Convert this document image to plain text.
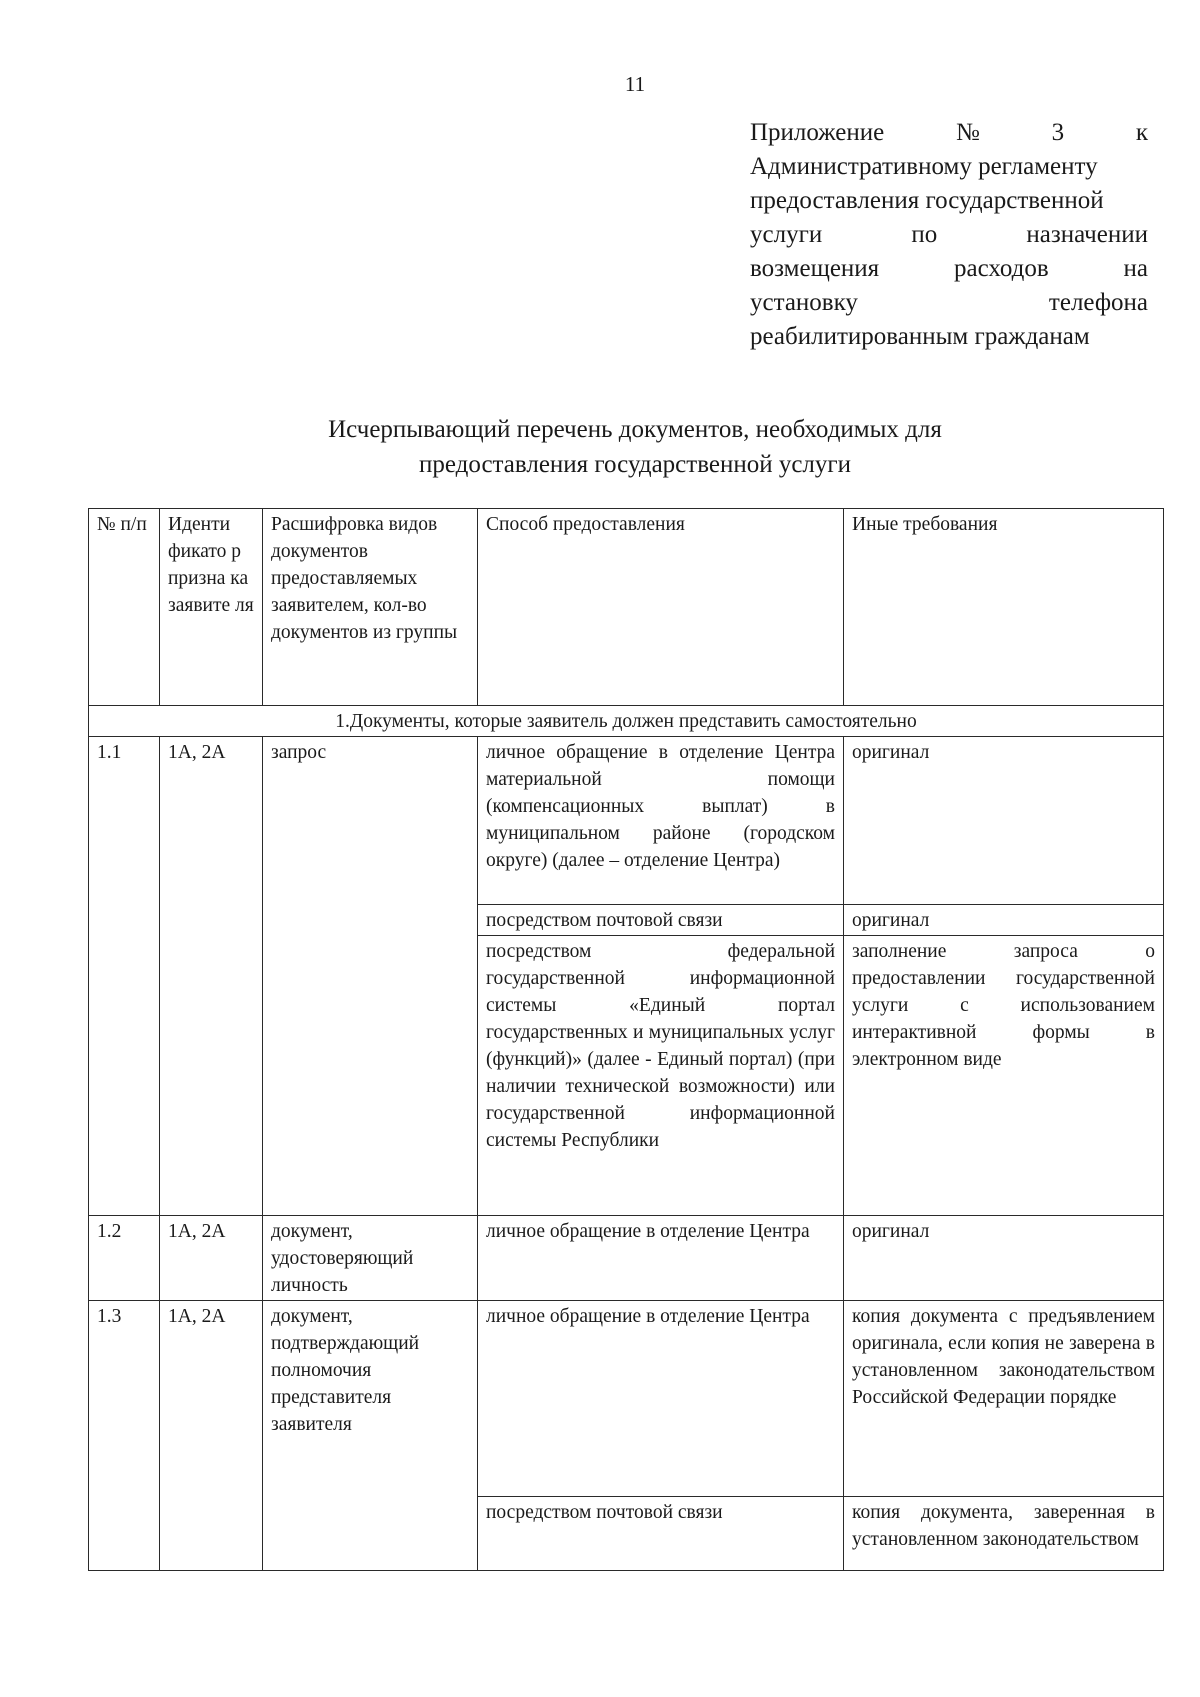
11
Приложение	№	3	к
Административному регламенту
предоставления государственной
услуги	по	назначении
возмещения	расходов	на
установку	телефона
реабилитированным гражданам
Исчерпывающий перечень документов, необходимых для
предоставления государственной услуги
№ п/п	Иденти фикато р призна ка заявите ля	Расшифровка видов документов предоставляемых заявителем, кол-во документов из группы	Способ предоставления	Иные требования
1.Документы, которые заявитель должен представить самостоятельно				
1.1	1А, 2А	запрос	личное обращение в отделение Центра материальной помощи (компенсационных выплат) в муниципальном районе (городском округе) (далее – отделение Центра)	оригинал
			посредством почтовой связи	оригинал
			посредством федеральной государственной информационной системы «Единый портал государственных и муниципальных услуг (функций)» (далее - Единый портал) (при наличии технической возможности) или государственной информационной системы Республики	заполнение запроса о предоставлении государственной услуги с использованием интерактивной формы в электронном виде
1.2	1А, 2А	документ, удостоверяющий личность	личное обращение в отделение Центра	оригинал
1.3	1А, 2А	документ, подтверждающий полномочия представителя заявителя	личное обращение в отделение Центра	копия документа с предъявлением оригинала, если копия не заверена в установленном законодательством Российской Федерации порядке
			посредством почтовой связи	копия документа, заверенная в установленном законодательством
